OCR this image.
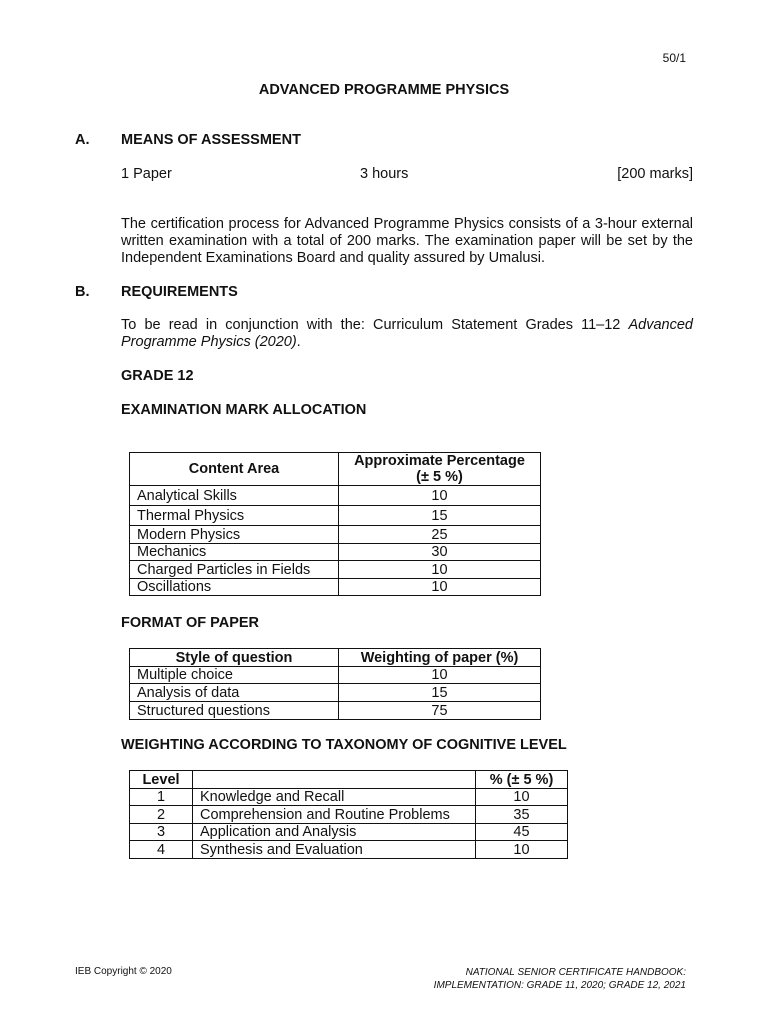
50/1
ADVANCED PROGRAMME PHYSICS
A. MEANS OF ASSESSMENT
1 Paper	3 hours	[200 marks]
The certification process for Advanced Programme Physics consists of a 3-hour external written examination with a total of 200 marks. The examination paper will be set by the Independent Examinations Board and quality assured by Umalusi.
B. REQUIREMENTS
To be read in conjunction with the: Curriculum Statement Grades 11–12 Advanced Programme Physics (2020).
GRADE 12
EXAMINATION MARK ALLOCATION
Content Area	Approximate Percentage
(± 5 %)

Analytical Skills	10
Thermal Physics	15
Modern Physics	25
Mechanics	30
Charged Particles in Fields	10
Oscillations	10
FORMAT OF PAPER
Style of question	Weighting of paper (%)
Multiple choice	10
Analysis of data	15
Structured questions	75
WEIGHTING ACCORDING TO TAXONOMY OF COGNITIVE LEVEL
Level		% (± 5 %)
1	Knowledge and Recall	10
2	Comprehension and Routine Problems	35
3	Application and Analysis	45
4	Synthesis and Evaluation	10
IEB Copyright © 2020	NATIONAL SENIOR CERTIFICATE HANDBOOK:
IMPLEMENTATION: GRADE 11, 2020; GRADE 12, 2021
